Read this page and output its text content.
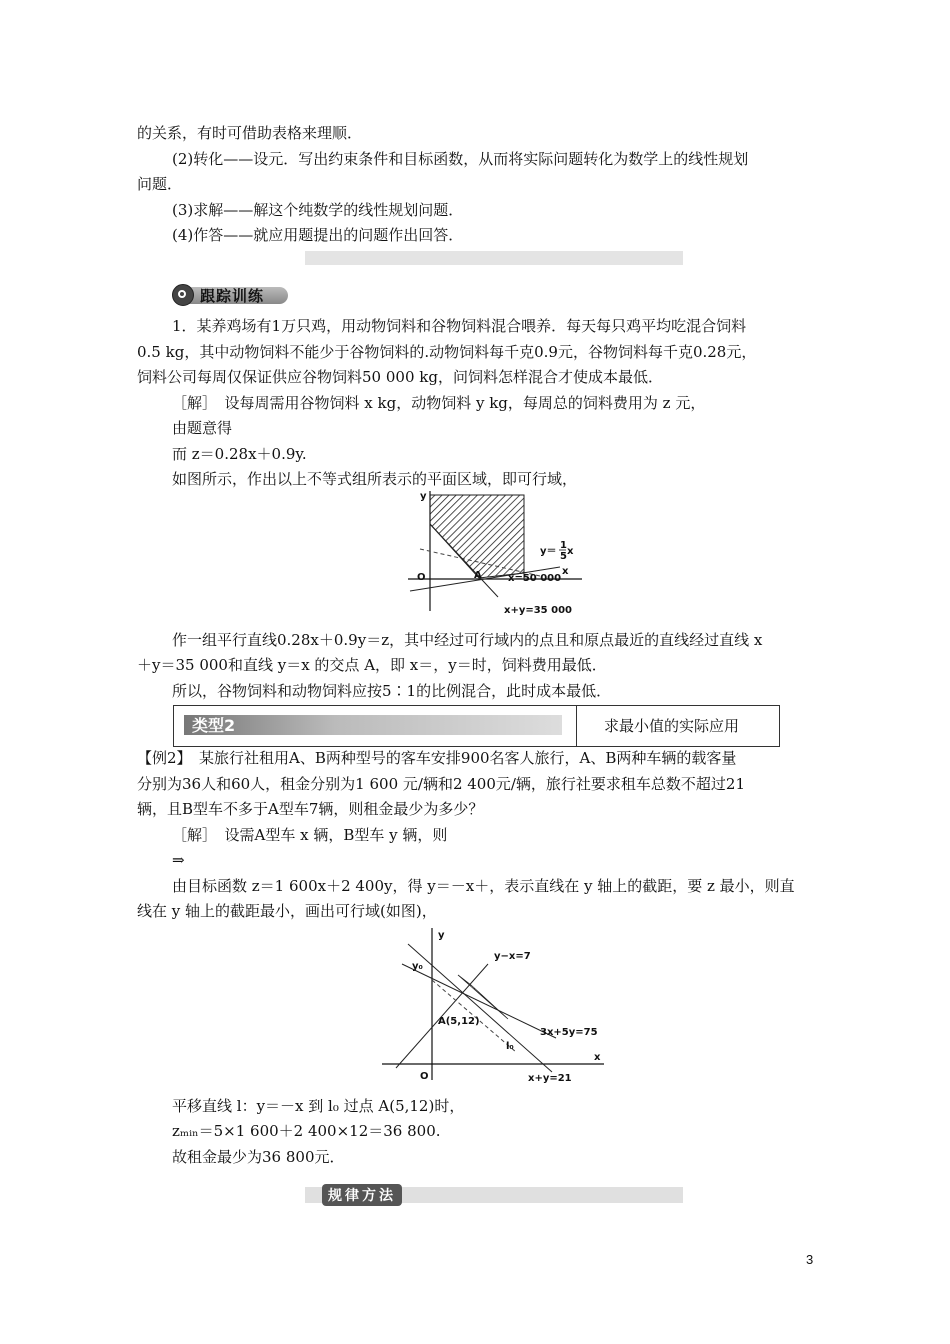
的关系，有时可借助表格来理顺．
(2)转化——设元．写出约束条件和目标函数，从而将实际问题转化为数学上的线性规划
问题．
(3)求解——解这个纯数学的线性规划问题．
(4)作答——就应用题提出的问题作出回答．
跟踪训练
1．某养鸡场有1万只鸡，用动物饲料和谷物饲料混合喂养．每天每只鸡平均吃混合饲料
0.5 kg，其中动物饲料不能少于谷物饲料的.动物饲料每千克0.9元，谷物饲料每千克0.28元，
饲料公司每周仅保证供应谷物饲料50 000 kg，问饲料怎样混合才使成本最低．
［解］　设每周需用谷物饲料 x kg，动物饲料 y kg，每周总的饲料费用为 z 元，
由题意得
而 z＝0.28x＋0.9y.
如图所示，作出以上不等式组所表示的平面区域，即可行域，
y
x
O	A
y＝
1
5 x
x=50 000
x+y=35 000
作一组平行直线0.28x＋0.9y＝z，其中经过可行域内的点且和原点最近的直线经过直线 x
＋y＝35 000和直线 y＝x 的交点 A，即 x＝，y＝时，饲料费用最低．
所以，谷物饲料和动物饲料应按5∶1的比例混合，此时成本最低．
类型2	求最小值的实际应用
【例2】　某旅行社租用A、B两种型号的客车安排900名客人旅行，A、B两种车辆的载客量
分别为36人和60人，租金分别为1 600 元/辆和2 400元/辆，旅行社要求租车总数不超过21
辆，且B型车不多于A型车7辆，则租金最少为多少？
［解］　设需A型车 x 辆，B型车 y 辆，则
⇒
由目标函数 z＝1 600x＋2 400y，得 y＝－x＋，表示直线在 y 轴上的截距，要 z 最小，则直
线在 y 轴上的截距最小，画出可行域(如图)，
y
x
O
y₀
A(5,12)
l₀
y−x=7
3x+5y=75
x+y=21
平移直线 l：y＝－x 到 l₀ 过点 A(5,12)时，
zₘᵢₙ＝5×1 600＋2 400×12＝36 800.
故租金最少为36 800元．
规律方法
3
